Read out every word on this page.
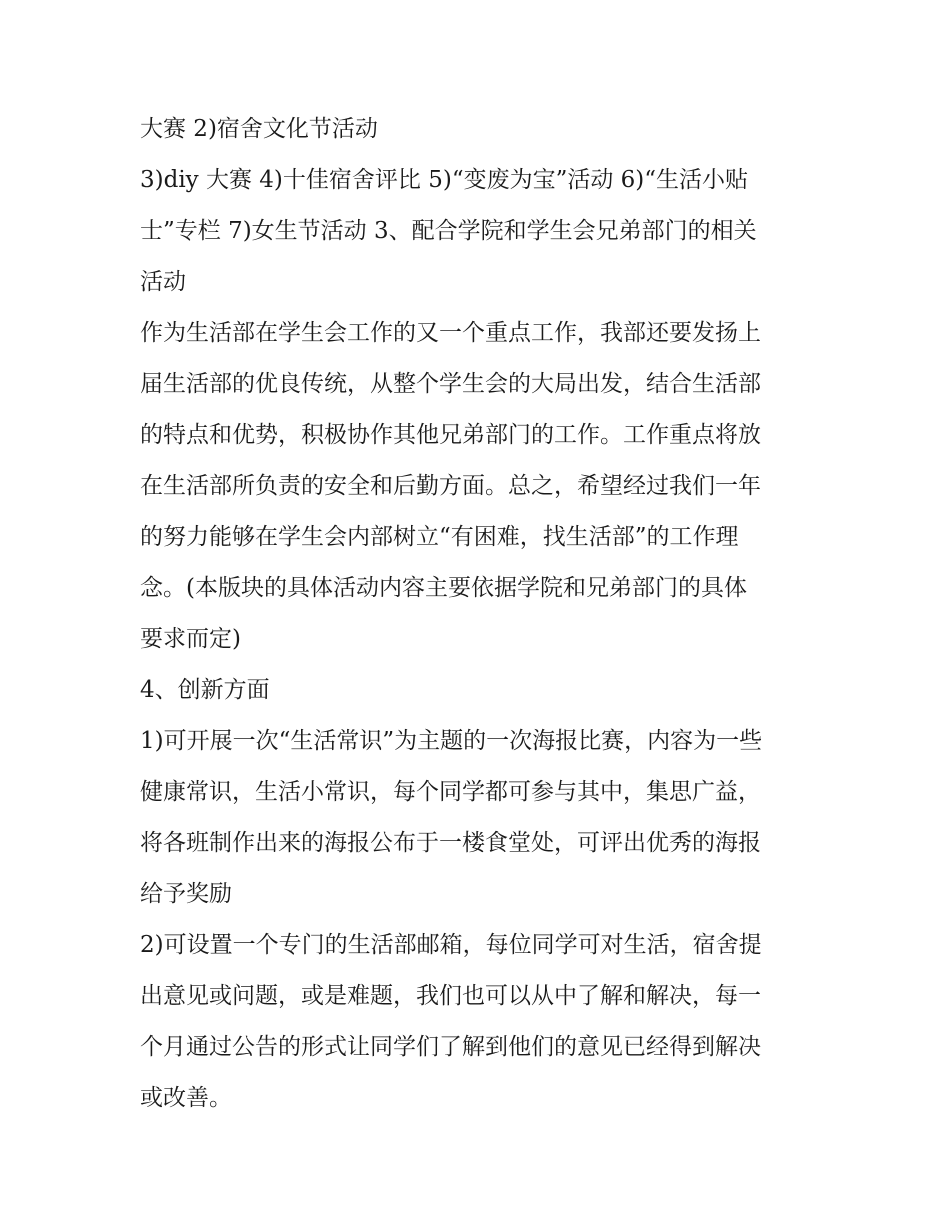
大赛 2)宿舍文化节活动
3)diy 大赛 4)十佳宿舍评比 5)“变废为宝”活动 6)“生活小贴
士”专栏 7)女生节活动 3、配合学院和学生会兄弟部门的相关
活动
作为生活部在学生会工作的又一个重点工作，我部还要发扬上
届生活部的优良传统，从整个学生会的大局出发，结合生活部
的特点和优势，积极协作其他兄弟部门的工作。工作重点将放
在生活部所负责的安全和后勤方面。总之，希望经过我们一年
的努力能够在学生会内部树立“有困难，找生活部”的工作理
念。(本版块的具体活动内容主要依据学院和兄弟部门的具体
要求而定)
4、创新方面
1)可开展一次“生活常识”为主题的一次海报比赛，内容为一些
健康常识，生活小常识，每个同学都可参与其中，集思广益，
将各班制作出来的海报公布于一楼食堂处，可评出优秀的海报
给予奖励
2)可设置一个专门的生活部邮箱，每位同学可对生活，宿舍提
出意见或问题，或是难题，我们也可以从中了解和解决，每一
个月通过公告的形式让同学们了解到他们的意见已经得到解决
或改善。
